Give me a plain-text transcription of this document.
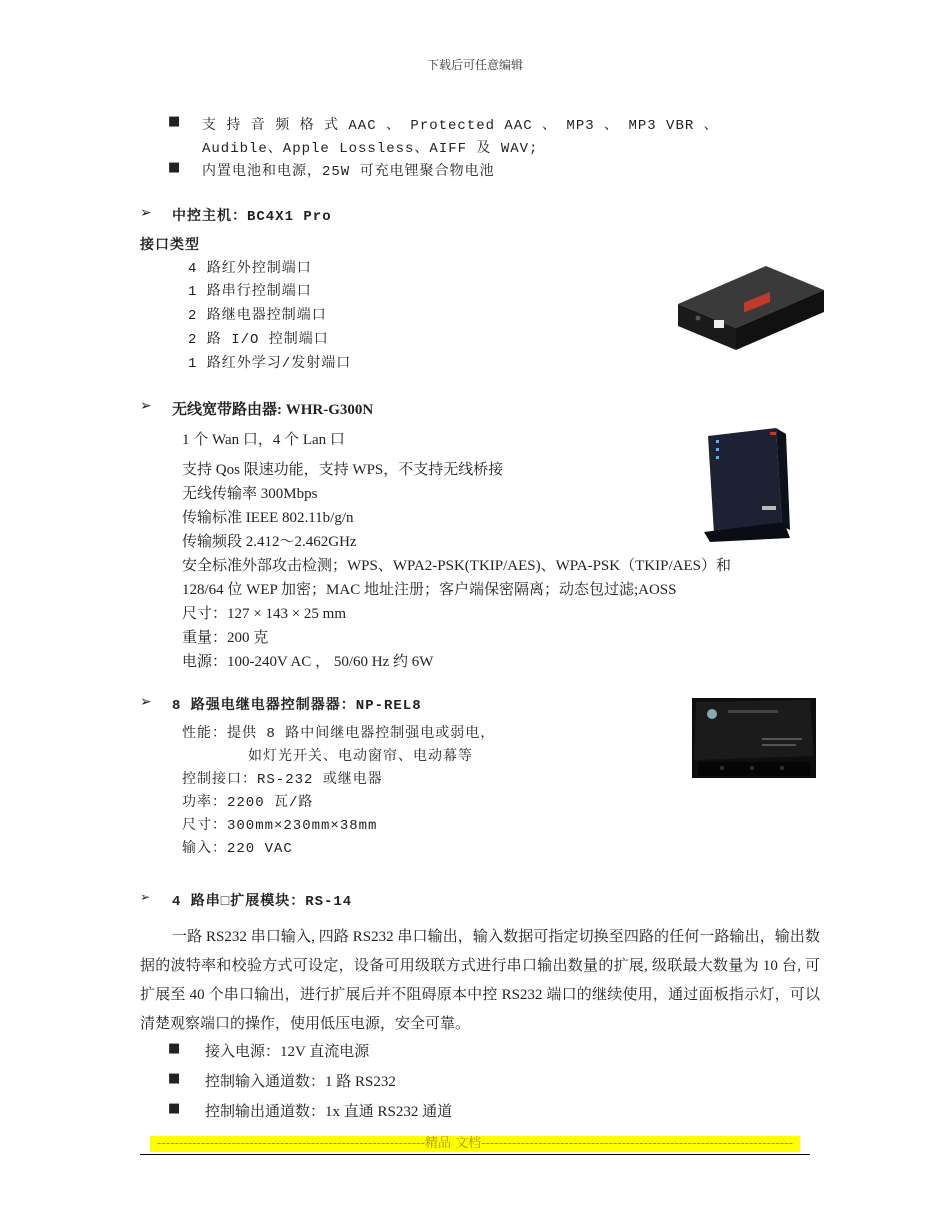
下载后可任意编辑
■ 支 持 音 频 格 式 AAC 、 Protected AAC 、 MP3 、 MP3 VBR 、
Audible、Apple Lossless、AIFF 及 WAV;
■ 内置电池和电源，25W 可充电锂聚合物电池
➢ 中控主机：BC4X1 Pro
接口类型
4 路红外控制端口
1 路串行控制端口
2 路继电器控制端口
2 路 I/O 控制端口
1 路红外学习/发射端口
➢ 无线宽带路由器: WHR-G300N
1 个 Wan 口，4 个 Lan 口
支持 Qos 限速功能，支持 WPS，不支持无线桥接
无线传输率 300Mbps
传输标准 IEEE 802.11b/g/n
传输频段 2.412～2.462GHz
安全标准外部攻击检测；WPS、WPA2-PSK(TKIP/AES)、WPA-PSK（TKIP/AES）和
128/64 位 WEP 加密；MAC 地址注册；客户端保密隔离；动态包过滤;AOSS
尺寸：127 × 143 × 25 mm
重量：200 克
电源：100-240V AC ， 50/60 Hz 约 6W
➢ 8 路强电继电器控制器器：NP-REL8
性能：提供 8 路中间继电器控制强电或弱电，
如灯光开关、电动窗帘、电动幕等
控制接口：RS-232 或继电器
功率：2200 瓦/路
尺寸：300mm×230mm×38mm
输入：220 VAC
➢ 4 路串□扩展模块：RS-14
一路 RS232 串口输入, 四路 RS232 串口输出，输入数据可指定切换至四路的任何一路输出，输出数据的波特率和校验方式可设定，设备可用级联方式进行串口输出数量的扩展, 级联最大数量为 10 台, 可扩展至 40 个串口输出，进行扩展后并不阻碍原本中控 RS232 端口的继续使用，通过面板指示灯，可以清楚观察端口的操作，使用低压电源，安全可靠。
■ 接入电源：12V 直流电源
■ 控制输入通道数：1 路 RS232
■ 控制输出通道数：1x 直通 RS232 通道
-------------------------------------------------------------精品 文档-----------------------------------------------------------------------
